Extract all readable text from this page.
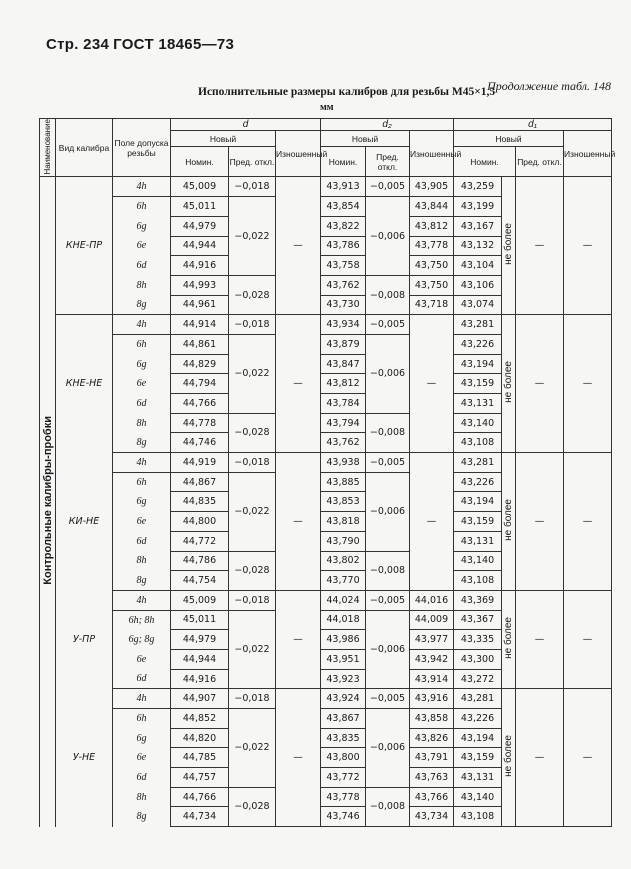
Стр. 234 ГОСТ 18465—73
Продолжение табл. 148
Исполнительные размеры калибров для резьбы М45×1,5
мм
Наименование	Вид калибра	Поле допуска резьбы	d			d₂			d₁			
			Новый		Изношенный	Новый		Изношенный	Новый			Изношенный
			Номин.	Пред. откл.		Номин.	Пред. откл.		Номин.		Пред. откл.	
Контрольные калибры-пробки	КНЕ-ПР	4h	45,009	−0,018	—	43,913	−0,005	43,905	43,259	не более	—	—
		6h	45,011	−0,022		43,854	−0,006	43,844	43,199			
		6g	44,979			43,822		43,812	43,167			
		6e	44,944			43,786		43,778	43,132			
		6d	44,916			43,758		43,750	43,104			
		8h	44,993	−0,028		43,762	−0,008	43,750	43,106			
		8g	44,961			43,730		43,718	43,074			
	КНЕ-НЕ	4h	44,914	−0,018	—	43,934	−0,005	—	43,281	не более	—	—
		6h	44,861	−0,022		43,879	−0,006		43,226			
		6g	44,829			43,847			43,194			
		6e	44,794			43,812			43,159			
		6d	44,766			43,784			43,131			
		8h	44,778	−0,028		43,794	−0,008		43,140			
		8g	44,746			43,762			43,108			
	КИ-НЕ	4h	44,919	−0,018	—	43,938	−0,005	—	43,281	не более	—	—
		6h	44,867	−0,022		43,885	−0,006		43,226			
		6g	44,835			43,853			43,194			
		6e	44,800			43,818			43,159			
		6d	44,772			43,790			43,131			
		8h	44,786	−0,028		43,802	−0,008		43,140			
		8g	44,754			43,770			43,108			
	У-ПР	4h	45,009	−0,018	—	44,024	−0,005	44,016	43,369	не более	—	—
		6h; 8h	45,011	−0,022		44,018	−0,006	44,009	43,367			
		6g; 8g	44,979			43,986		43,977	43,335			
		6e	44,944			43,951		43,942	43,300			
		6d	44,916			43,923		43,914	43,272			
	У-НЕ	4h	44,907	−0,018	—	43,924	−0,005	43,916	43,281	не более	—	—
		6h	44,852	−0,022		43,867	−0,006	43,858	43,226			
		6g	44,820			43,835		43,826	43,194			
		6e	44,785			43,800		43,791	43,159			
		6d	44,757			43,772		43,763	43,131			
		8h	44,766	−0,028		43,778	−0,008	43,766	43,140			
		8g	44,734			43,746		43,734	43,108			
